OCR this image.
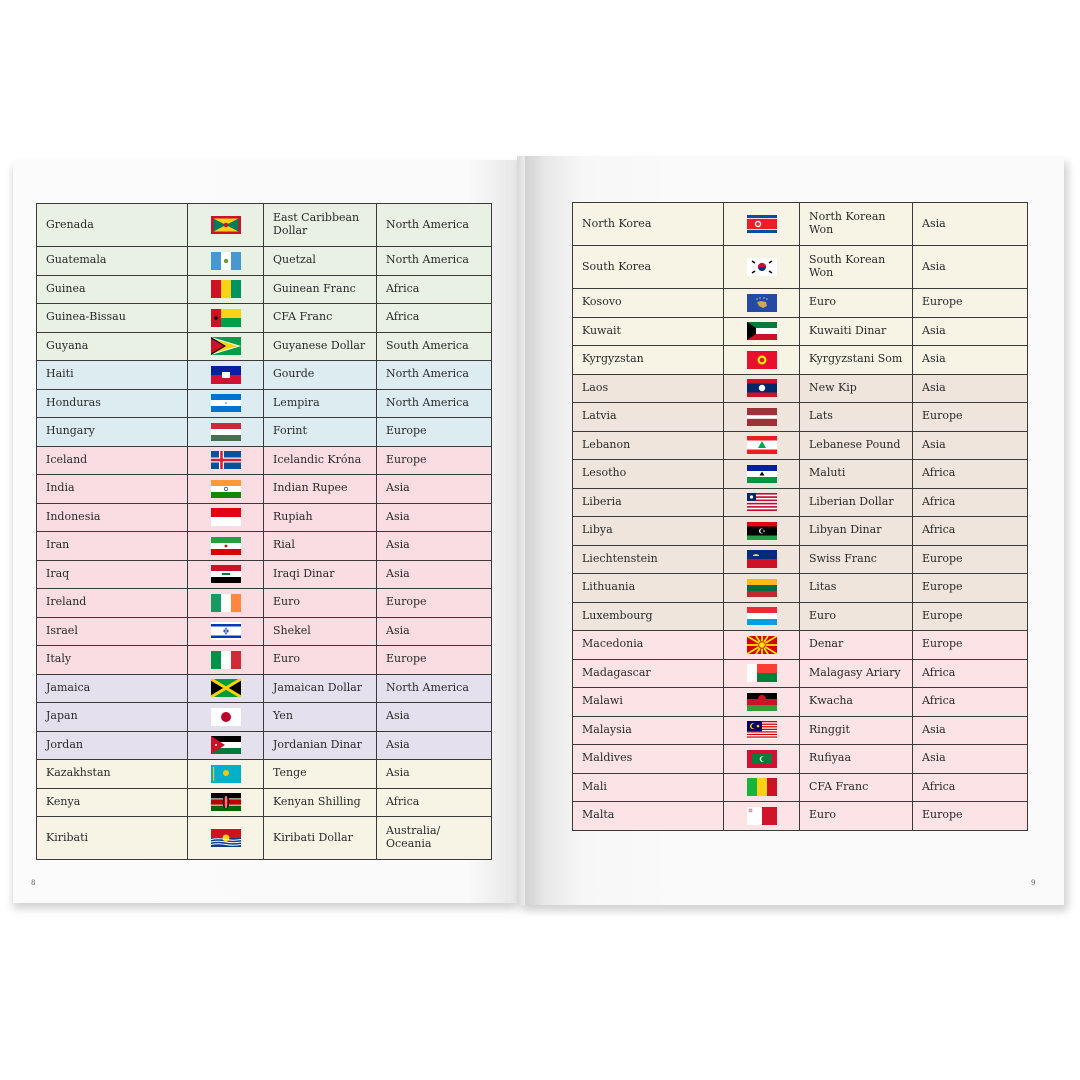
Grenada		East Caribbean Dollar	North America
Guatemala		Quetzal	North America
Guinea		Guinean Franc	Africa
Guinea-Bissau		CFA Franc	Africa
Guyana		Guyanese Dollar	South America
Haiti		Gourde	North America
Honduras		Lempira	North America
Hungary		Forint	Europe
Iceland		Icelandic Króna	Europe
India		Indian Rupee	Asia
Indonesia		Rupiah	Asia
Iran		Rial	Asia
Iraq		Iraqi Dinar	Asia
Ireland		Euro	Europe
Israel		Shekel	Asia
Italy		Euro	Europe
Jamaica		Jamaican Dollar	North America
Japan		Yen	Asia
Jordan		Jordanian Dinar	Asia
Kazakhstan		Tenge	Asia
Kenya		Kenyan Shilling	Africa
Kiribati		Kiribati Dollar	Australia/ Oceania
North Korea		North Korean Won	Asia
South Korea		South Korean Won	Asia
Kosovo		Euro	Europe
Kuwait		Kuwaiti Dinar	Asia
Kyrgyzstan		Kyrgyzstani Som	Asia
Laos		New Kip	Asia
Latvia		Lats	Europe
Lebanon		Lebanese Pound	Asia
Lesotho		Maluti	Africa
Liberia		Liberian Dollar	Africa
Libya		Libyan Dinar	Africa
Liechtenstein		Swiss Franc	Europe
Lithuania		Litas	Europe
Luxembourg		Euro	Europe
Macedonia		Denar	Europe
Madagascar		Malagasy Ariary	Africa
Malawi		Kwacha	Africa
Malaysia		Ringgit	Asia
Maldives		Rufiyaa	Asia
Mali		CFA Franc	Africa
Malta		Euro	Europe
8	9
